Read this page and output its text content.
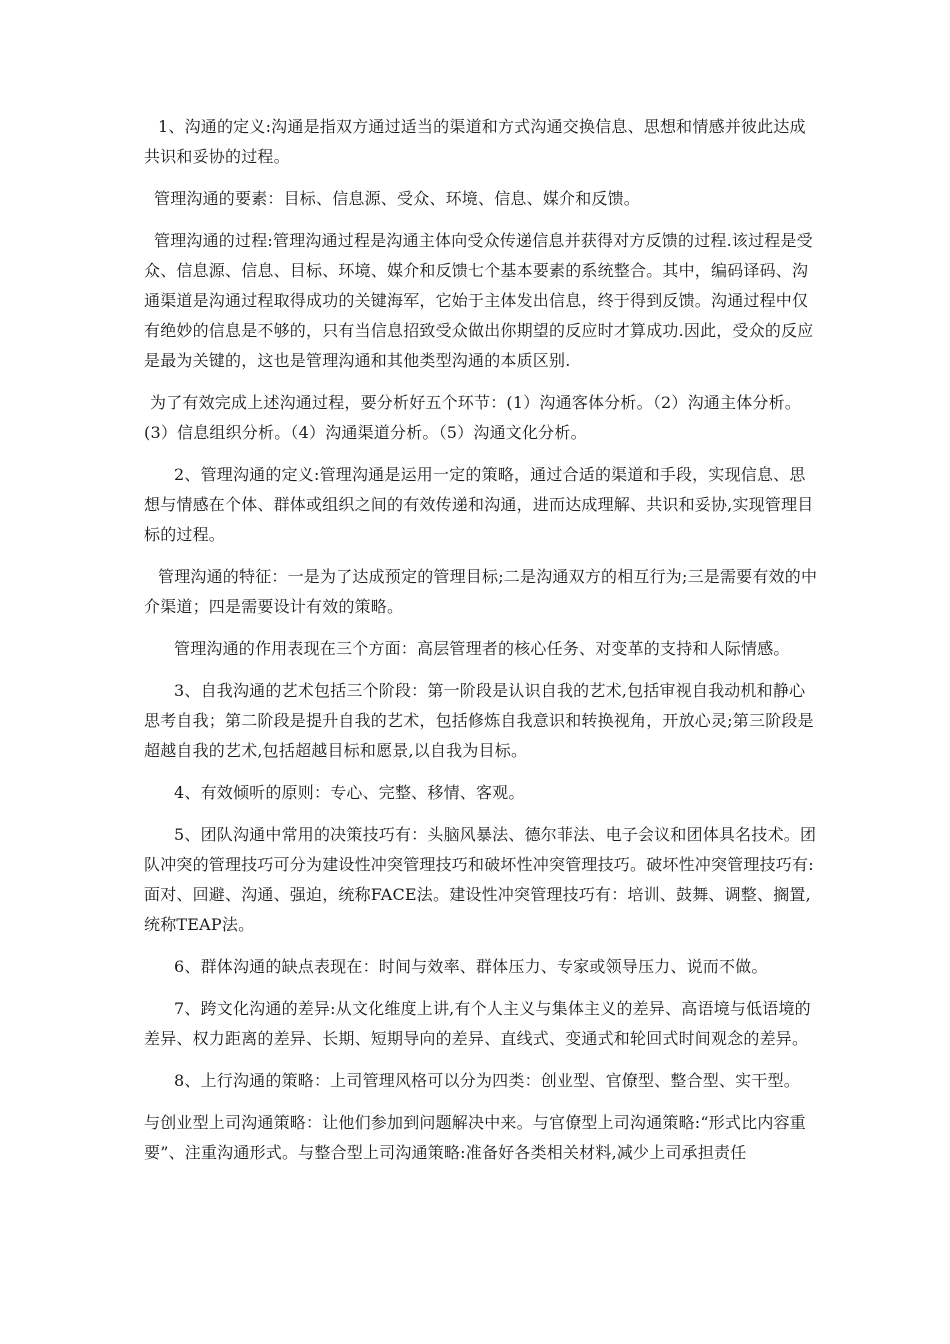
1、沟通的定义:沟通是指双方通过适当的渠道和方式沟通交换信息、思想和情感并彼此达成共识和妥协的过程。

管理沟通的要素：目标、信息源、受众、环境、信息、媒介和反馈。

管理沟通的过程:管理沟通过程是沟通主体向受众传递信息并获得对方反馈的过程.该过程是受众、信息源、信息、目标、环境、媒介和反馈七个基本要素的系统整合。其中，编码译码、沟通渠道是沟通过程取得成功的关键海军，它始于主体发出信息，终于得到反馈。沟通过程中仅有绝妙的信息是不够的，只有当信息招致受众做出你期望的反应时才算成功.因此，受众的反应是最为关键的，这也是管理沟通和其他类型沟通的本质区别.

为了有效完成上述沟通过程，要分析好五个环节：(1）沟通客体分析。（2）沟通主体分析。(3）信息组织分析。（4）沟通渠道分析。（5）沟通文化分析。

2、管理沟通的定义:管理沟通是运用一定的策略，通过合适的渠道和手段，实现信息、思想与情感在个体、群体或组织之间的有效传递和沟通，进而达成理解、共识和妥协,实现管理目标的过程。

管理沟通的特征：一是为了达成预定的管理目标;二是沟通双方的相互行为;三是需要有效的中介渠道；四是需要设计有效的策略。

管理沟通的作用表现在三个方面：高层管理者的核心任务、对变革的支持和人际情感。

3、自我沟通的艺术包括三个阶段：第一阶段是认识自我的艺术,包括审视自我动机和静心思考自我；第二阶段是提升自我的艺术，包括修炼自我意识和转换视角，开放心灵;第三阶段是超越自我的艺术,包括超越目标和愿景,以自我为目标。

4、有效倾听的原则：专心、完整、移情、客观。

5、团队沟通中常用的决策技巧有：头脑风暴法、德尔菲法、电子会议和团体具名技术。团队冲突的管理技巧可分为建设性冲突管理技巧和破坏性冲突管理技巧。破坏性冲突管理技巧有:面对、回避、沟通、强迫，统称FACE法。建设性冲突管理技巧有：培训、鼓舞、调整、搁置,统称TEAP法。

6、群体沟通的缺点表现在：时间与效率、群体压力、专家或领导压力、说而不做。

7、跨文化沟通的差异:从文化维度上讲,有个人主义与集体主义的差异、高语境与低语境的差异、权力距离的差异、长期、短期导向的差异、直线式、变通式和轮回式时间观念的差异。

8、上行沟通的策略：上司管理风格可以分为四类：创业型、官僚型、整合型、实干型。

与创业型上司沟通策略：让他们参加到问题解决中来。与官僚型上司沟通策略:“形式比内容重要”、注重沟通形式。与整合型上司沟通策略:准备好各类相关材料,减少上司承担责任
